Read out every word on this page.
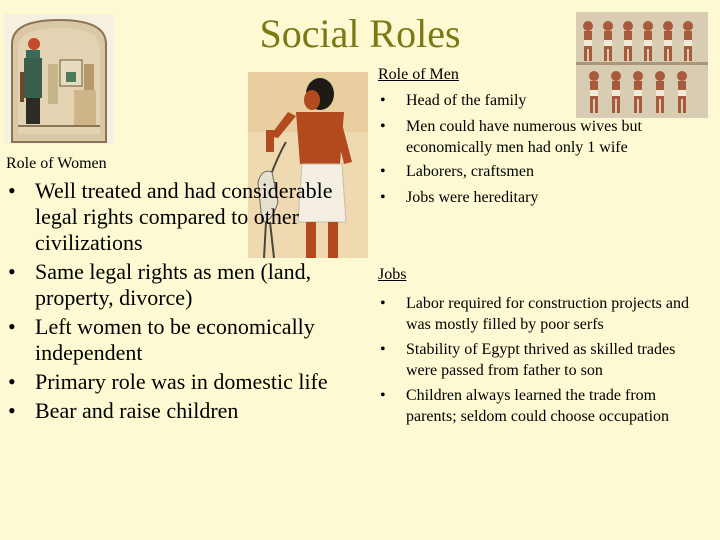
Social Roles
Role of Women
• Well treated and had considerable legal rights compared to other civilizations
• Same legal rights as men (land, property, divorce)
• Left women to be economically independent
• Primary role was in domestic life
• Bear and raise children
Role of Men
• Head of the family
• Men could have numerous wives but economically men had only 1 wife
• Laborers, craftsmen
• Jobs were hereditary
Jobs
• Labor required for construction projects and was mostly filled by poor serfs
• Stability of Egypt thrived as skilled trades were passed from father to son
• Children always learned the trade from parents; seldom could choose occupation
